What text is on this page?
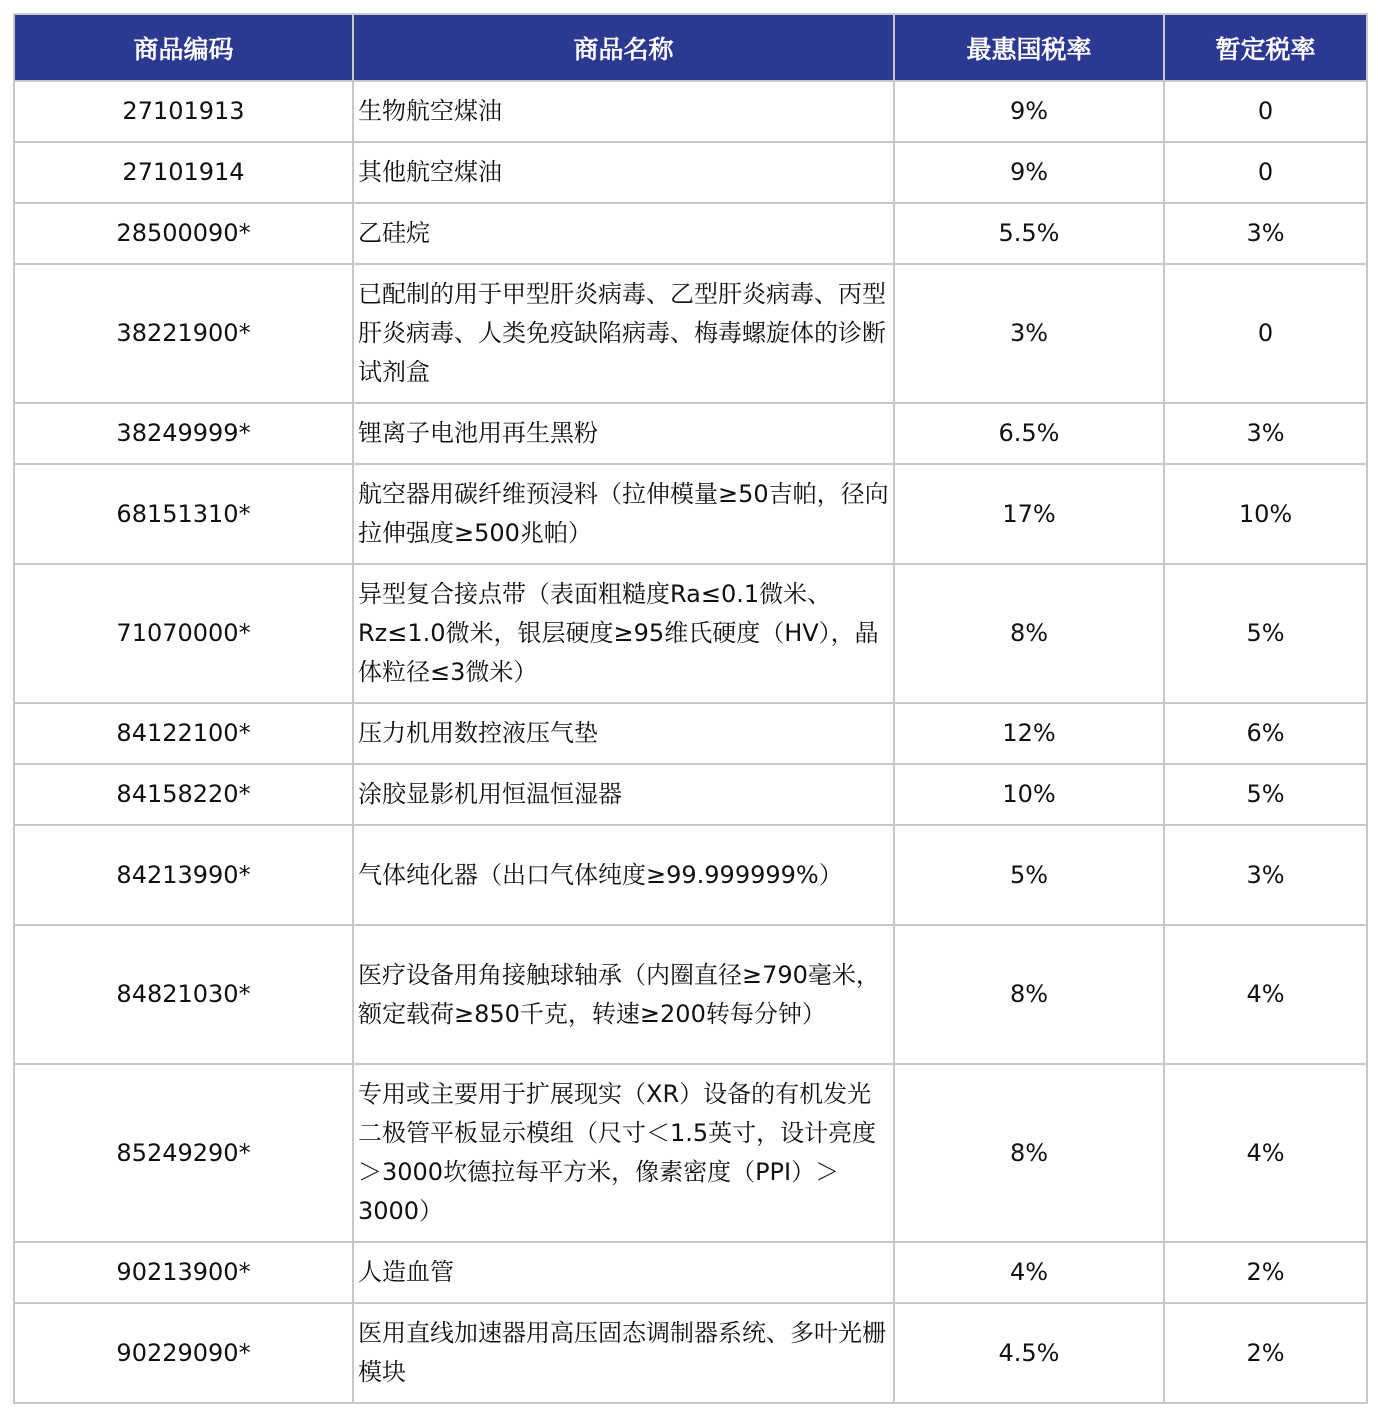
商品编码	商品名称	最惠国税率	暂定税率
27101913	生物航空煤油	9%	0
27101914	其他航空煤油	9%	0
28500090*	乙硅烷	5.5%	3%
38221900*	已配制的用于甲型肝炎病毒、乙型肝炎病毒、丙型肝炎病毒、人类免疫缺陷病毒、梅毒螺旋体的诊断试剂盒	3%	0
38249999*	锂离子电池用再生黑粉	6.5%	3%
68151310*	航空器用碳纤维预浸料（拉伸模量≥50吉帕，径向拉伸强度≥500兆帕）	17%	10%
71070000*	异型复合接点带（表面粗糙度Ra≤0.1微米、Rz≤1.0微米，银层硬度≥95维氏硬度（HV），晶体粒径≤3微米）	8%	5%
84122100*	压力机用数控液压气垫	12%	6%
84158220*	涂胶显影机用恒温恒湿器	10%	5%
84213990*	气体纯化器（出口气体纯度≥99.999999%）	5%	3%
84821030*	医疗设备用角接触球轴承（内圈直径≥790毫米，额定载荷≥850千克，转速≥200转每分钟）	8%	4%
85249290*	专用或主要用于扩展现实（XR）设备的有机发光二极管平板显示模组（尺寸＜1.5英寸，设计亮度＞3000坎德拉每平方米，像素密度（PPI）＞3000）	8%	4%
90213900*	人造血管	4%	2%
90229090*	医用直线加速器用高压固态调制器系统、多叶光栅模块	4.5%	2%
